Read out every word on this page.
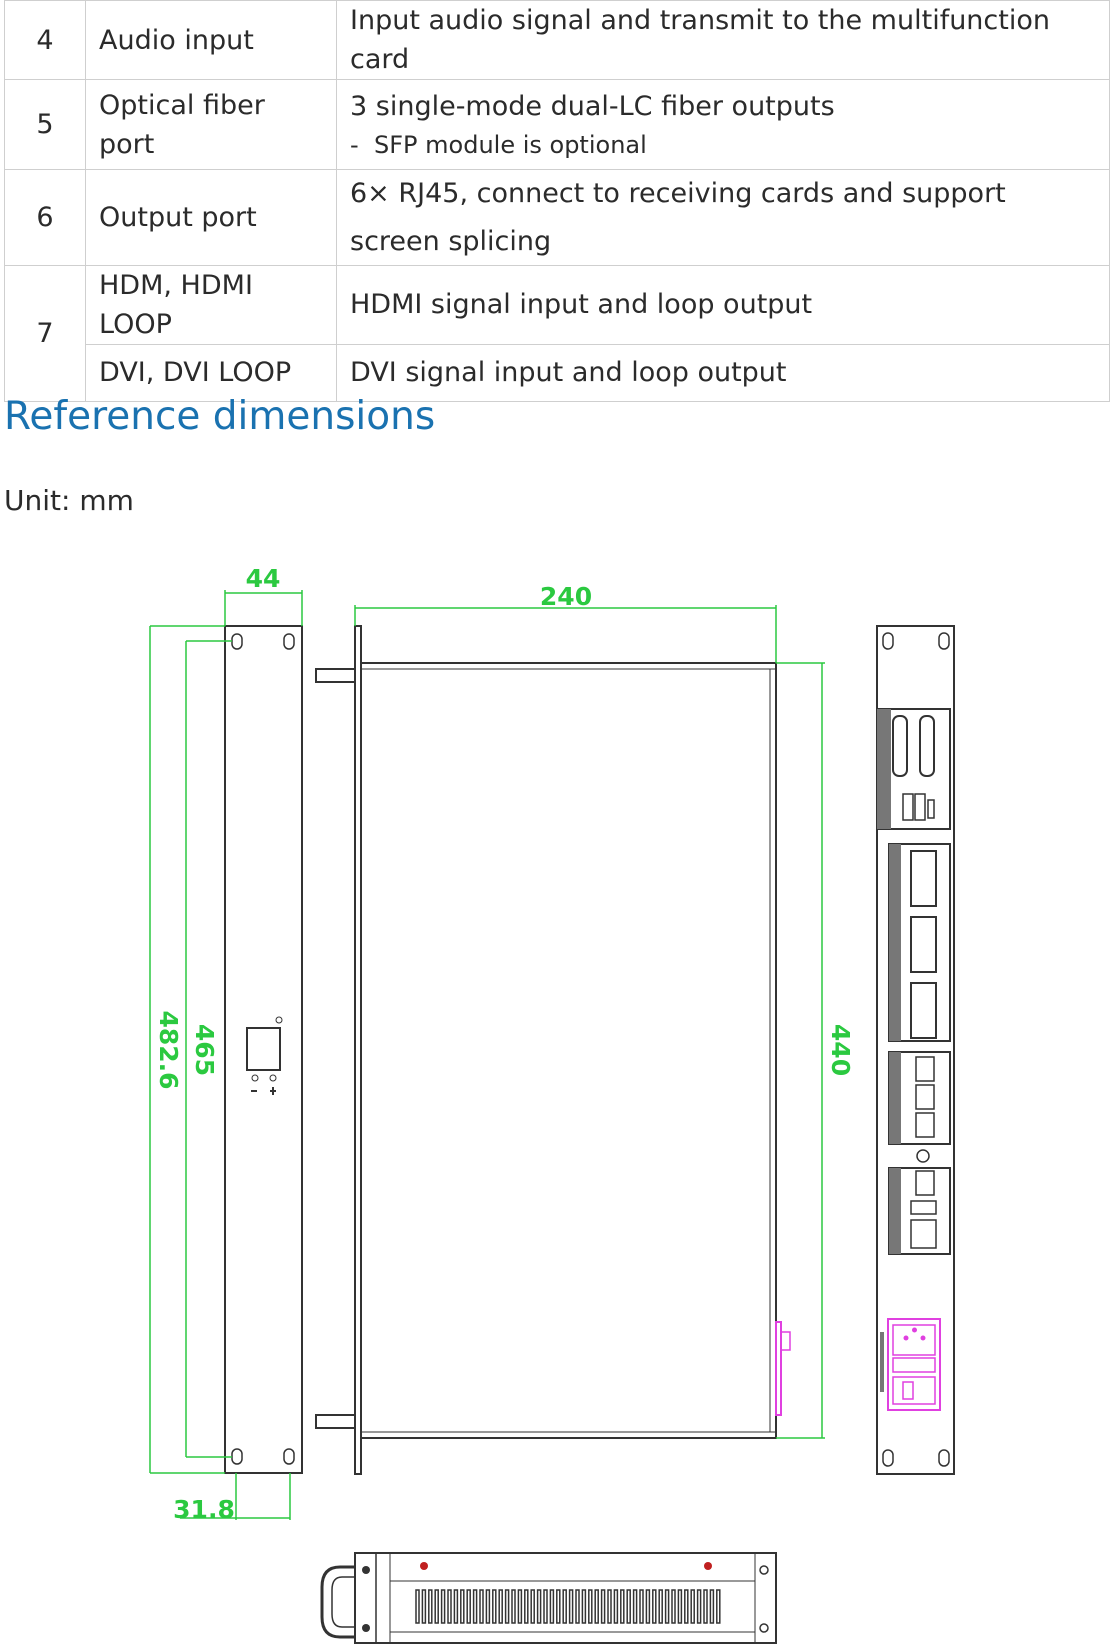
4	Audio input	Input audio signal and transmit to the multifunction card
5	Optical fiber port	3 single-mode dual-LC fiber outputs
- SFP module is optional

6	Output port	6× RJ45, connect to receiving cards and support screen splicing
7	HDM, HDMI LOOP	HDMI signal input and loop output
	DVI, DVI LOOP	DVI signal input and loop output
Reference dimensions

Unit: mm

44
482.6 465
31.8
240
440
